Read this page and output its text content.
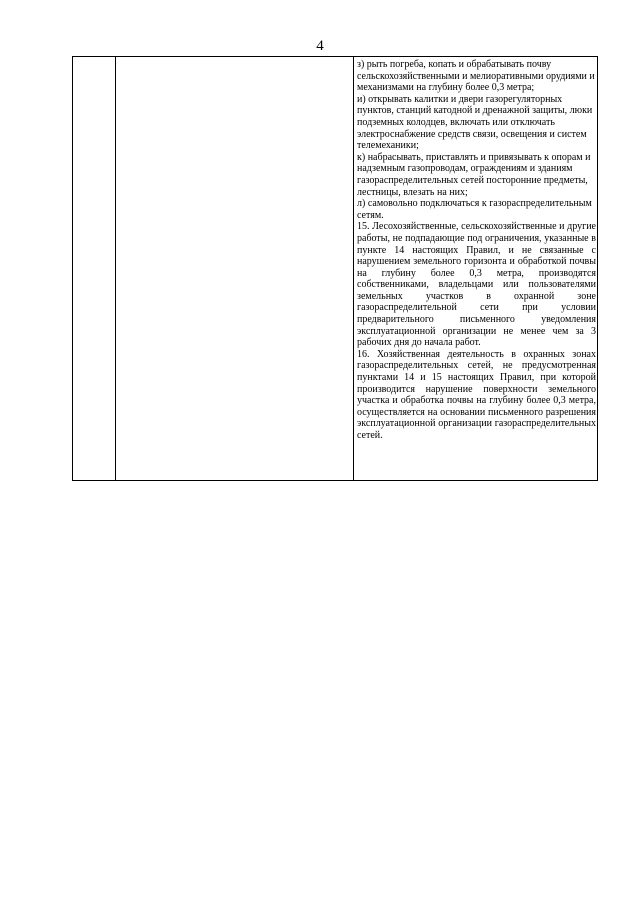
4

з) рыть погреба, копать и обрабатывать почву сельскохозяйственными и мелиоративными орудиями и механизмами на глубину более 0,3 метра;

и) открывать калитки и двери газорегуляторных пунктов, станций катодной и дренажной защиты, люки подземных колодцев, включать или отключать электроснабжение средств связи, освещения и систем телемеханики;

к) набрасывать, приставлять и привязывать к опорам и надземным газопроводам, ограждениям и зданиям газораспределительных сетей посторонние предметы, лестницы, влезать на них;

л) самовольно подключаться к газораспределительным сетям.

15. Лесохозяйственные, сельскохозяйственные и другие работы, не подпадающие под ограничения, указанные в пункте 14 настоящих Правил, и не связанные с нарушением земельного горизонта и обработкой почвы на глубину более 0,3 метра, производятся собственниками, владельцами или пользователями земельных участков в охранной зоне газораспределительной сети при условии предварительного письменного уведомления эксплуатационной организации не менее чем за 3 рабочих дня до начала работ.

16. Хозяйственная деятельность в охранных зонах газораспределительных сетей, не предусмотренная пунктами 14 и 15 настоящих Правил, при которой производится нарушение поверхности земельного участка и обработка почвы на глубину более 0,3 метра, осуществляется на основании письменного разрешения эксплуатационной организации газораспределительных сетей.
